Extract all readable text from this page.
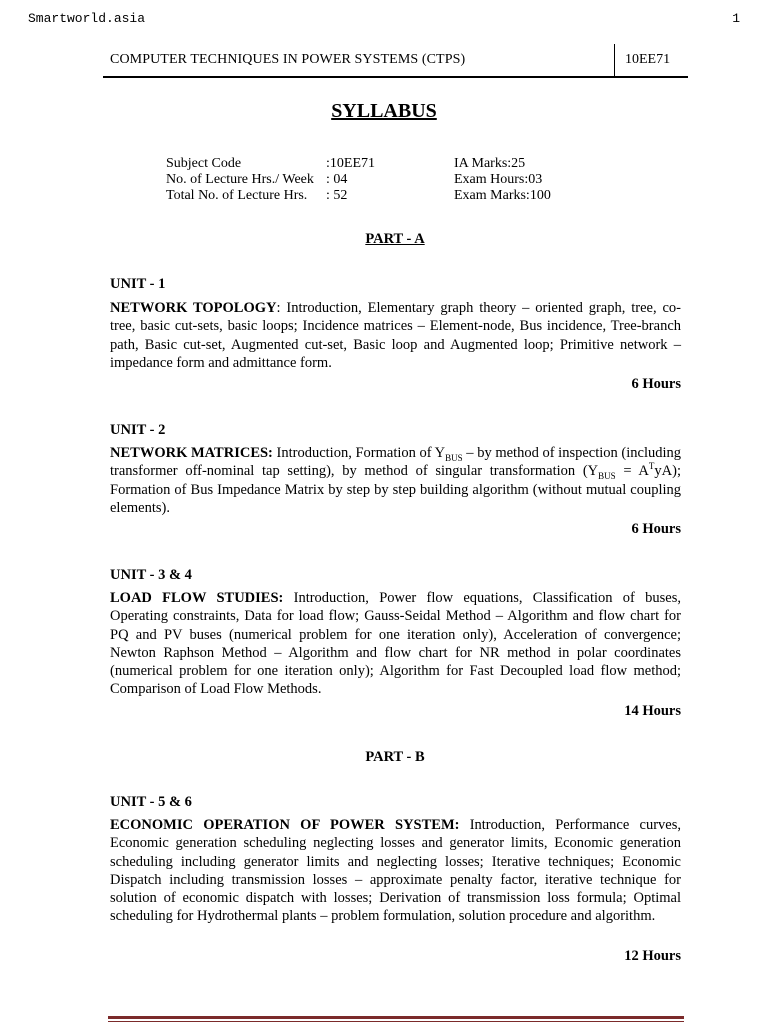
Smartworld.asia	1
COMPUTER TECHNIQUES IN POWER SYSTEMS (CTPS)	10EE71
SYLLABUS
Subject Code
No. of Lecture Hrs./ Week
Total No. of Lecture Hrs.
:10EE71
: 04
: 52
IA Marks:25
Exam Hours:03
Exam Marks:100
PART - A
UNIT - 1
NETWORK TOPOLOGY: Introduction, Elementary graph theory – oriented graph, tree, co-tree, basic cut-sets, basic loops; Incidence matrices – Element-node, Bus incidence, Tree-branch path, Basic cut-set, Augmented cut-set, Basic loop and Augmented loop; Primitive network – impedance form and admittance form.
6 Hours
UNIT - 2
NETWORK MATRICES: Introduction, Formation of $Y_{BUS}$ – by method of inspection (including transformer off-nominal tap setting), by method of singular transformation $(Y_{BUS} = A^TyA)$; Formation of Bus Impedance Matrix by step by step building algorithm (without mutual coupling elements).
6 Hours
UNIT - 3 & 4
LOAD FLOW STUDIES: Introduction, Power flow equations, Classification of buses, Operating constraints, Data for load flow; Gauss-Seidal Method – Algorithm and flow chart for PQ and PV buses (numerical problem for one iteration only), Acceleration of convergence; Newton Raphson Method – Algorithm and flow chart for NR method in polar coordinates (numerical problem for one iteration only); Algorithm for Fast Decoupled load flow method; Comparison of Load Flow Methods.
14 Hours
PART - B
UNIT - 5 & 6
ECONOMIC OPERATION OF POWER SYSTEM: Introduction, Performance curves, Economic generation scheduling neglecting losses and generator limits, Economic generation scheduling including generator limits and neglecting losses; Iterative techniques; Economic Dispatch including transmission losses – approximate penalty factor, iterative technique for solution of economic dispatch with losses; Derivation of transmission loss formula; Optimal scheduling for Hydrothermal plants – problem formulation, solution procedure and algorithm.
12 Hours
